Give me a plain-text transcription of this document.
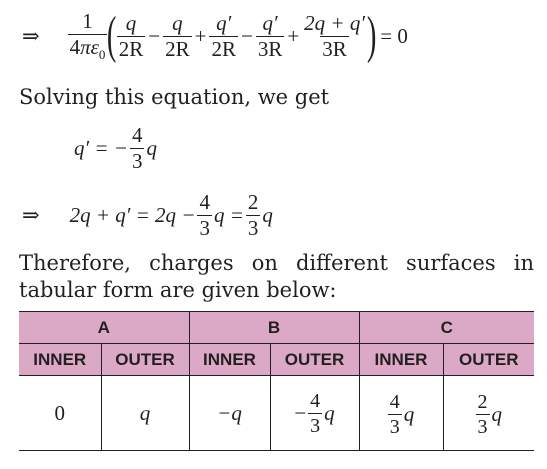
⇒ $\frac{1}{4\pi\varepsilon_0}$ ( $\frac{q}{2R} - \frac{q}{2R} + \frac{q'}{2R} - \frac{q'}{3R} + \frac{2q + q'}{3R}$ ) = 0
Solving this equation, we get
q′ = − $\frac{4}{3}$ q
⇒ $2q + q' = 2q - \frac{4}{3}$ $q = \frac{2}{3}$ q
Therefore, charges on different surfaces in tabular form are given below:
A		B		C	
INNER	OUTER	INNER	OUTER	INNER	OUTER
0	q	−q	− $\frac{4}{3}$ q	$\frac{4}{3}$ q	$\frac{2}{3}$ q
